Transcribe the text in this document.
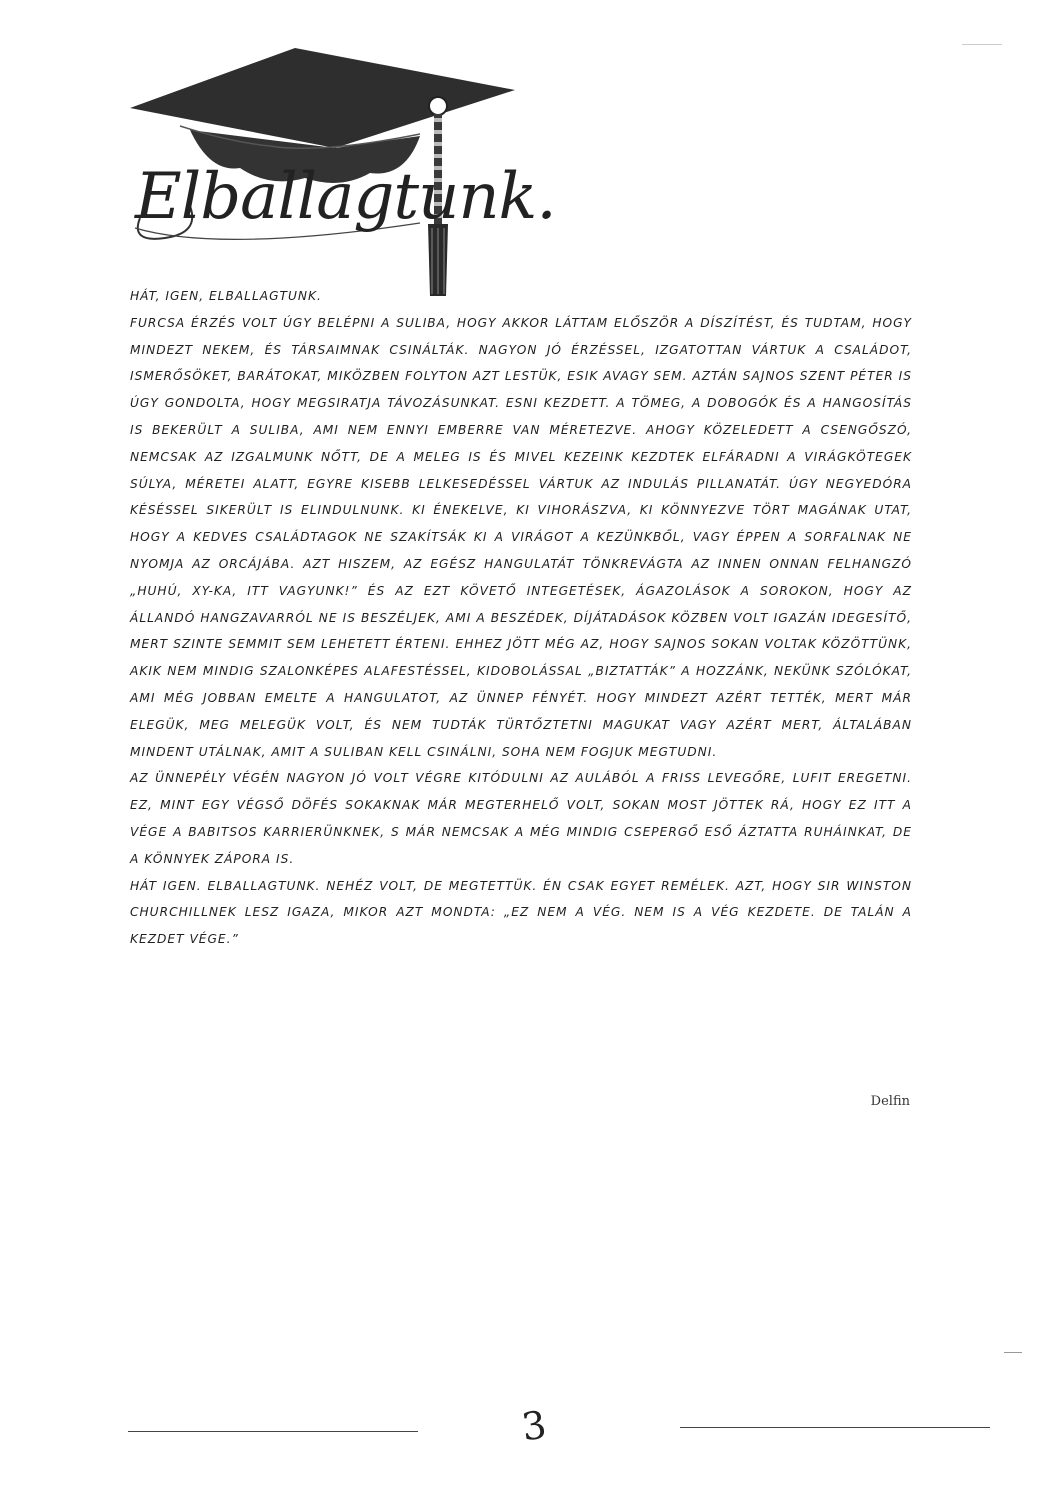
Elballagtunk.

HÁT, IGEN, ELBALLAGTUNK.

FURCSA ÉRZÉS VOLT ÚGY BELÉPNI A SULIBA, HOGY AKKOR LÁTTAM ELŐSZÖR A DÍSZÍTÉST, ÉS TUDTAM, HOGY MINDEZT NEKEM, ÉS TÁRSAIMNAK CSINÁLTÁK. NAGYON JÓ ÉRZÉSSEL, IZGATOTTAN VÁRTUK A CSALÁDOT, ISMERŐSÖKET, BARÁTOKAT, MIKÖZBEN FOLYTON AZT LESTÜK, ESIK AVAGY SEM. AZTÁN SAJNOS SZENT PÉTER IS ÚGY GONDOLTA, HOGY MEGSIRATJA TÁVOZÁSUNKAT. ESNI KEZDETT. A TÖMEG, A DOBOGÓK ÉS A HANGOSÍTÁS IS BEKERÜLT A SULIBA, AMI NEM ENNYI EMBERRE VAN MÉRETEZVE. AHOGY KÖZELEDETT A CSENGŐSZÓ, NEMCSAK AZ IZGALMUNK NŐTT, DE A MELEG IS ÉS MIVEL KEZEINK KEZDTEK ELFÁRADNI A VIRÁGKÖTEGEK SÚLYA, MÉRETEI ALATT, EGYRE KISEBB LELKESEDÉSSEL VÁRTUK AZ INDULÁS PILLANATÁT. ÚGY NEGYEDÓRA KÉSÉSSEL SIKERÜLT IS ELINDULNUNK. KI ÉNEKELVE, KI VIHORÁSZVA, KI KÖNNYEZVE TÖRT MAGÁNAK UTAT, HOGY A KEDVES CSALÁDTAGOK NE SZAKÍTSÁK KI A VIRÁGOT A KEZÜNKBŐL, VAGY ÉPPEN A SORFALNAK NE NYOMJA AZ ORCÁJÁBA. AZT HISZEM, AZ EGÉSZ HANGULATÁT TÖNKREVÁGTA AZ INNEN ONNAN FELHANGZÓ „HUHÚ, XY-KA, ITT VAGYUNK!” ÉS AZ EZT KÖVETŐ INTEGETÉSEK, ÁGAZOLÁSOK A SOROKON, HOGY AZ ÁLLANDÓ HANGZAVARRÓL NE IS BESZÉLJEK, AMI A BESZÉDEK, DÍJÁTADÁSOK KÖZBEN VOLT IGAZÁN IDEGESÍTŐ, MERT SZINTE SEMMIT SEM LEHETETT ÉRTENI. EHHEZ JÖTT MÉG AZ, HOGY SAJNOS SOKAN VOLTAK KÖZÖTTÜNK, AKIK NEM MINDIG SZALONKÉPES ALAFESTÉSSEL, KIDOBOLÁSSAL „BIZTATTÁK” A HOZZÁNK, NEKÜNK SZÓLÓKAT, AMI MÉG JOBBAN EMELTE A HANGULATOT, AZ ÜNNEP FÉNYÉT. HOGY MINDEZT AZÉRT TETTÉK, MERT MÁR ELEGÜK, MEG MELEGÜK VOLT, ÉS NEM TUDTÁK TÜRTŐZTETNI MAGUKAT VAGY AZÉRT MERT, ÁLTALÁBAN MINDENT UTÁLNAK, AMIT A SULIBAN KELL CSINÁLNI, SOHA NEM FOGJUK MEGTUDNI.

AZ ÜNNEPÉLY VÉGÉN NAGYON JÓ VOLT VÉGRE KITÓDULNI AZ AULÁBÓL A FRISS LEVEGŐRE, LUFIT EREGETNI. EZ, MINT EGY VÉGSŐ DÖFÉS SOKAKNAK MÁR MEGTERHELŐ VOLT, SOKAN MOST JÖTTEK RÁ, HOGY EZ ITT A VÉGE A BABITSOS KARRIERÜNKNEK, S MÁR NEMCSAK A MÉG MINDIG CSEPERGŐ ESŐ ÁZTATTA RUHÁINKAT, DE A KÖNNYEK ZÁPORA IS.

HÁT IGEN. ELBALLAGTUNK. NEHÉZ VOLT, DE MEGTETTÜK. ÉN CSAK EGYET REMÉLEK. AZT, HOGY SIR WINSTON CHURCHILLNEK LESZ IGAZA, MIKOR AZT MONDTA: „EZ NEM A VÉG. NEM IS A VÉG KEZDETE. DE TALÁN A KEZDET VÉGE.”

Delfin
3
